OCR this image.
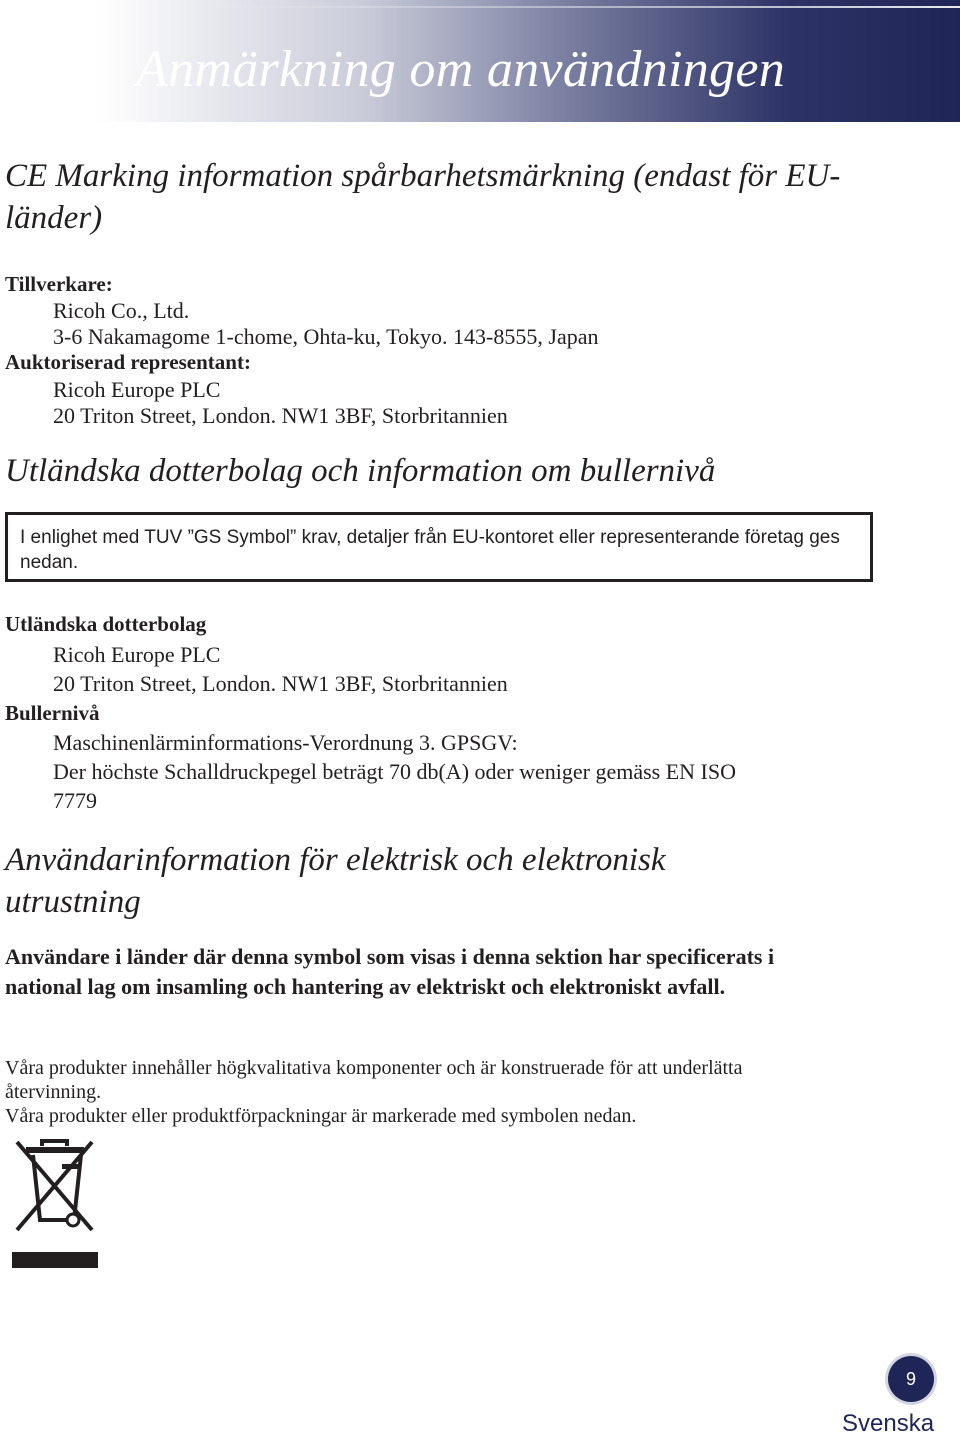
Anmärkning om användningen
CE Marking information spårbarhetsmärkning (endast för EU-länder)

Tillverkare:

Ricoh Co., Ltd.

3-6 Nakamagome 1-chome, Ohta-ku, Tokyo. 143-8555, Japan

Auktoriserad representant:

Ricoh Europe PLC

20 Triton Street, London. NW1 3BF, Storbritannien

Utländska dotterbolag och information om bullernivå

I enlighet med TUV ”GS Symbol” krav, detaljer från EU-kontoret eller representerande företag ges nedan.

Utländska dotterbolag

Ricoh Europe PLC

20 Triton Street, London. NW1 3BF, Storbritannien

Bullernivå

Maschinenlärminformations-Verordnung 3. GPSGV:

Der höchste Schalldruckpegel beträgt 70 db(A) oder weniger gemäss EN ISO

7779

Användarinformation för elektrisk och elektronisk
utrustning

Användare i länder där denna symbol som visas i denna sektion har specificerats i national lag om insamling och hantering av elektriskt och elektroniskt avfall.

Våra produkter innehåller högkvalitativa komponenter och är konstruerade för att underlätta återvinning.

Våra produkter eller produktförpackningar är markerade med symbolen nedan.

9

Svenska
